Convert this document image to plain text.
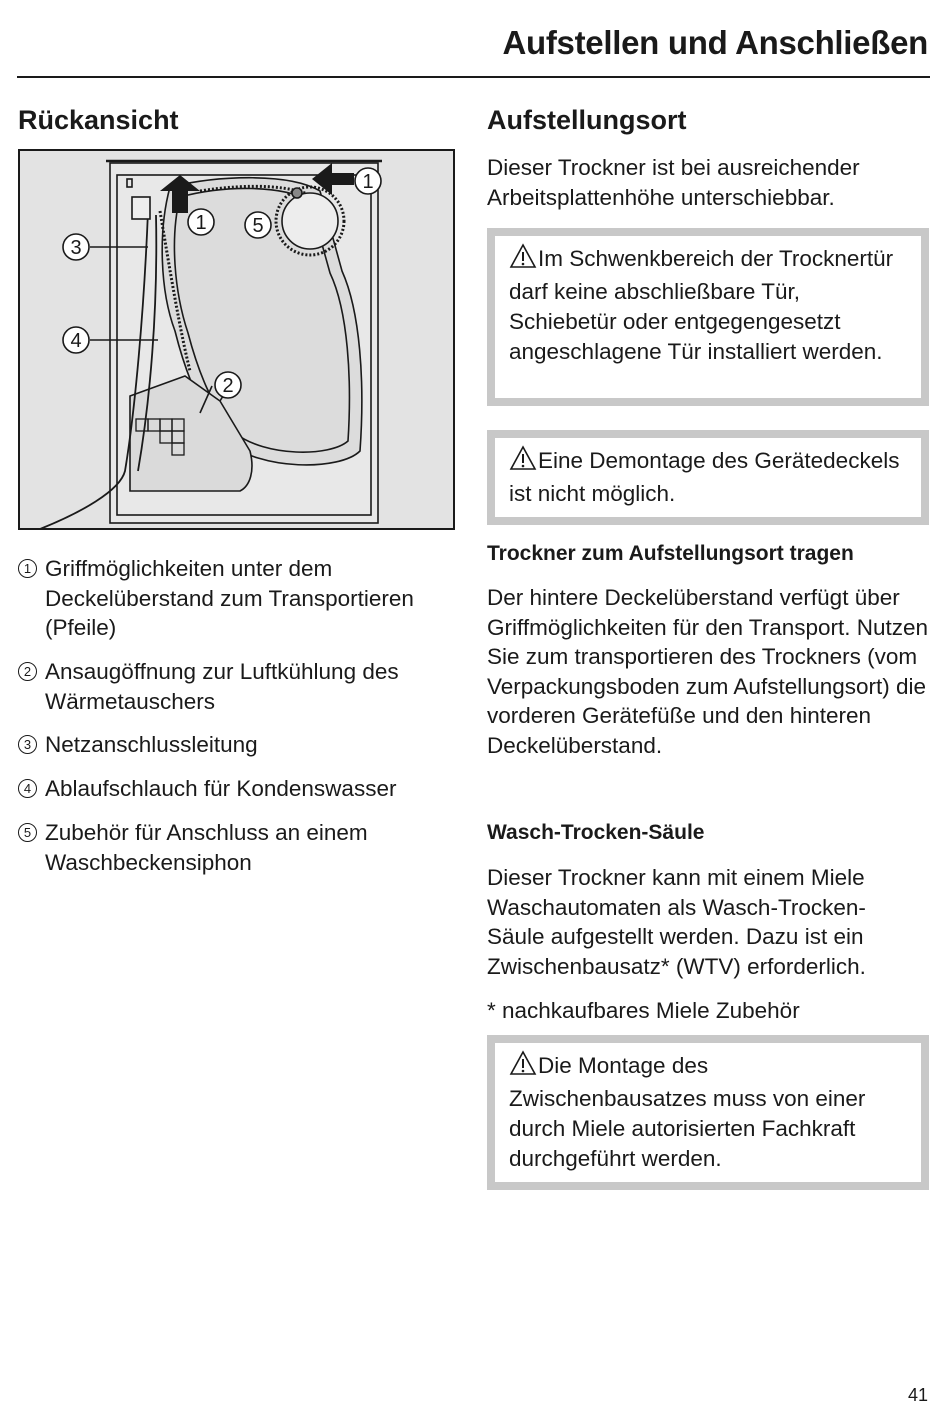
Aufstellen und Anschließen
Rückansicht
1
1
5
3
4
2
1 Griffmöglichkeiten unter dem Deckelüberstand zum Transportieren (Pfeile)
2 Ansaugöffnung zur Luftkühlung des Wärmetauschers
3 Netzanschlussleitung
4 Ablaufschlauch für Kondenswasser
5 Zubehör für Anschluss an einem Waschbeckensiphon
Aufstellungsort

Dieser Trockner ist bei ausreichender Arbeitsplattenhöhe unterschiebbar.

Im Schwenkbereich der Trocknertür darf keine abschließbare Tür, Schiebetür oder entgegengesetzt angeschlagene Tür installiert werden.
Eine Demontage des Gerätedeckels ist nicht möglich.
Trockner zum Aufstellungsort tragen

Der hintere Deckelüberstand verfügt über Griffmöglichkeiten für den Transport. Nutzen Sie zum transportieren des Trockners (vom Verpackungsboden zum Aufstellungsort) die vorderen Gerätefüße und den hinteren Deckelüberstand.

Wasch-Trocken-Säule

Dieser Trockner kann mit einem Miele Waschautomaten als Wasch-Trocken-Säule aufgestellt werden. Dazu ist ein Zwischenbausatz* (WTV) erforderlich.

* nachkaufbares Miele Zubehör

Die Montage des Zwischenbausatzes muss von einer durch Miele autorisierten Fachkraft durchgeführt werden.
41
